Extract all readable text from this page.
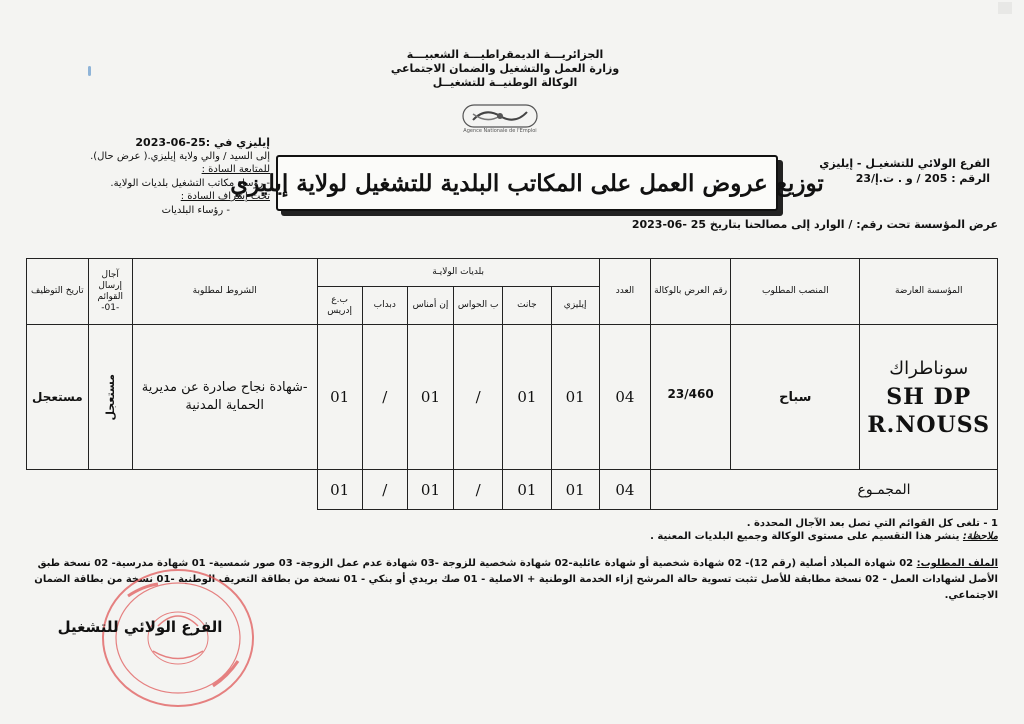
الجزائريـــة الديمقراطيـــة الشعبيـــة
وزارة العمل والتشغيل والضمان الاجتماعي
الوكالة الوطنيــة للتشغيــل
Agence Nationale de l'Emploi
إيليزي في :25-06-2023
إلى السيد / والي ولاية إيليزي.( عرض حال).
للمتابعة السادة :
- رؤساء مكاتب التشغيل بلديات الولاية.
تحت إشراف السادة :
- رؤساء البلديات
توزيع عروض العمل على المكاتب البلدية للتشغيل لولاية إيليزي
الفرع الولائي للتشغيـل - إيليزي
الرقم : 205 / و . ت.إ/23
عرض المؤسسة تحت رقم: / الوارد إلى مصالحنا بتاريخ 25 -06-2023
المؤسسة العارضة	المنصب المطلوب	رقم العرض بالوكالة	العدد	بلديات الولايـة						الشروط لمطلوبة	آجال إرسال القوائم -01-	تاريخ التوظيف
				إيليزي	جانت	ب الحواس	إن أمناس	دبداب	ب.ع إدريس			

سوناطراك
SH DP
R.NOUSS	سباح	23/460	04	01	01	/	01	/	01	-شهادة نجاح صادرة عن مديرية الحماية المدنية	مستعجل	مستعجل
المجمـوع			04	01	01	/	01	/	01			
1 - تلغى كل القوائم التي تصل بعد الآجال المحددة .
ملاحظة: ينشر هذا التقسيم على مستوى الوكالة وجميع البلديات المعنية .
الملف المطلوب: 02 شهادة الميلاد أصلية (رقم 12)- 02 شهادة شخصية أو شهادة عائلية-02 شهادة شخصية للزوجة -03 شهادة عدم عمل الزوجة- 03 صور شمسية- 01 شهادة مدرسية- 02 نسخة طبق
الأصل لشهادات العمل - 02 نسخة مطابقة للأصل تثبت تسوية حالة المرشح إزاء الخدمة الوطنية + الاصلية - 01 صك بريدي أو بنكي - 01 نسخة من بطاقة التعريف الوطنية -01 نسخة من بطاقة الضمان
الاجتماعي.
الفرع الولائي للتشغيل
